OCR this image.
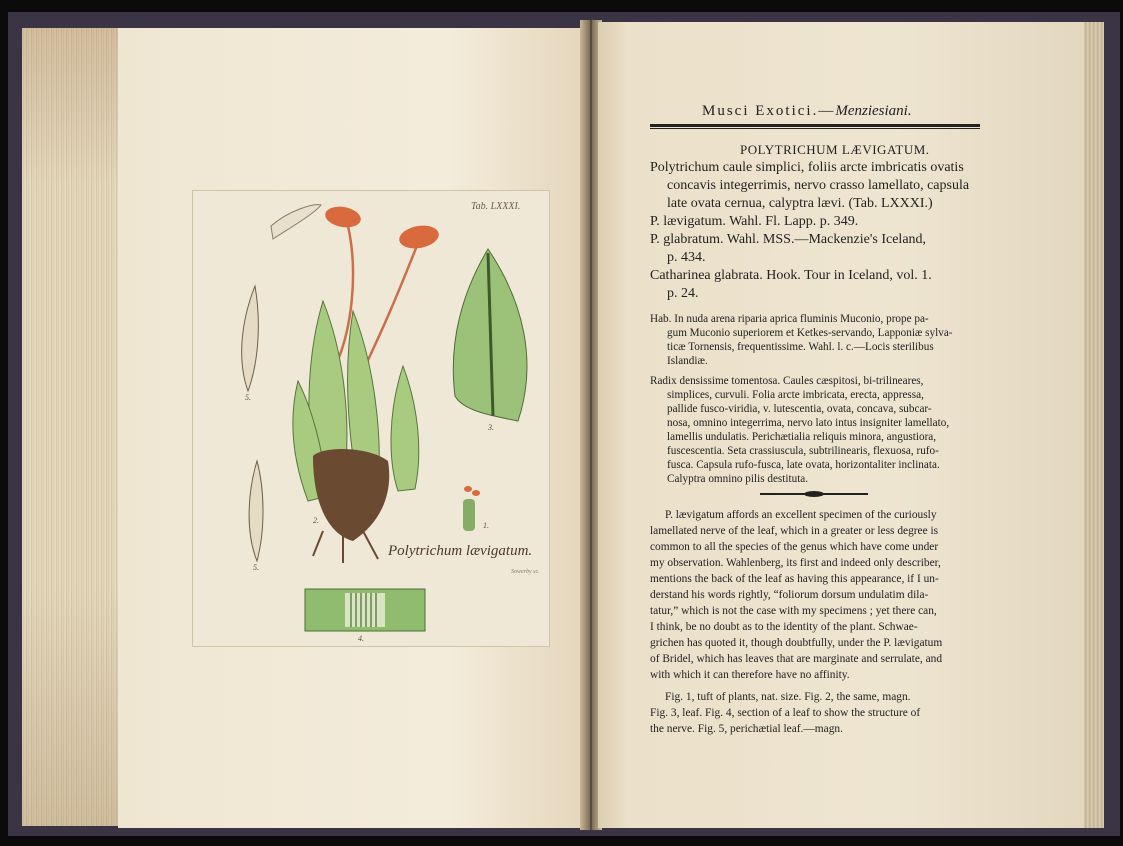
Tab. LXXXI.
Polytrichum lævigatum.
Sowerby sc.
5.
2.
3.
1.
5.
4.
Musci Exotici.—Menziesiani.
POLYTRICHUM LÆVIGATUM.
Polytrichum caule simplici, foliis arcte imbricatis ovatis
concavis integerrimis, nervo crasso lamellato, capsula
late ovata cernua, calyptra lævi. (Tab. LXXXI.)
P. lævigatum. Wahl. Fl. Lapp. p. 349.
P. glabratum. Wahl. MSS.—Mackenzie's Iceland,
p. 434.
Catharinea glabrata. Hook. Tour in Iceland, vol. 1.
p. 24.
Hab. In nuda arena riparia aprica fluminis Muconio, prope pa-
gum Muconio superiorem et Ketkes-servando, Lapponiæ sylva-
ticæ Tornensis, frequentissime. Wahl. l. c.—Locis sterilibus
Islandiæ.
Radix densissime tomentosa. Caules cæspitosi, bi-trilineares,
simplices, curvuli. Folia arcte imbricata, erecta, appressa,
pallide fusco-viridia, v. lutescentia, ovata, concava, subcar-
nosa, omnino integerrima, nervo lato intus insigniter lamellato,
lamellis undulatis. Perichætialia reliquis minora, angustiora,
fuscescentia. Seta crassiuscula, subtrilinearis, flexuosa, rufo-
fusca. Capsula rufo-fusca, late ovata, horizontaliter inclinata.
Calyptra omnino pilis destituta.
P. lævigatum affords an excellent specimen of the curiously
lamellated nerve of the leaf, which in a greater or less degree is
common to all the species of the genus which have come under
my observation. Wahlenberg, its first and indeed only describer,
mentions the back of the leaf as having this appearance, if I un-
derstand his words rightly, “foliorum dorsum undulatim dila-
tatur,” which is not the case with my specimens ; yet there can,
I think, be no doubt as to the identity of the plant. Schwae-
grichen has quoted it, though doubtfully, under the P. lævigatum
of Bridel, which has leaves that are marginate and serrulate, and
with which it can therefore have no affinity.
Fig. 1, tuft of plants, nat. size. Fig. 2, the same, magn.
Fig. 3, leaf. Fig. 4, section of a leaf to show the structure of
the nerve. Fig. 5, perichætial leaf.—magn.
